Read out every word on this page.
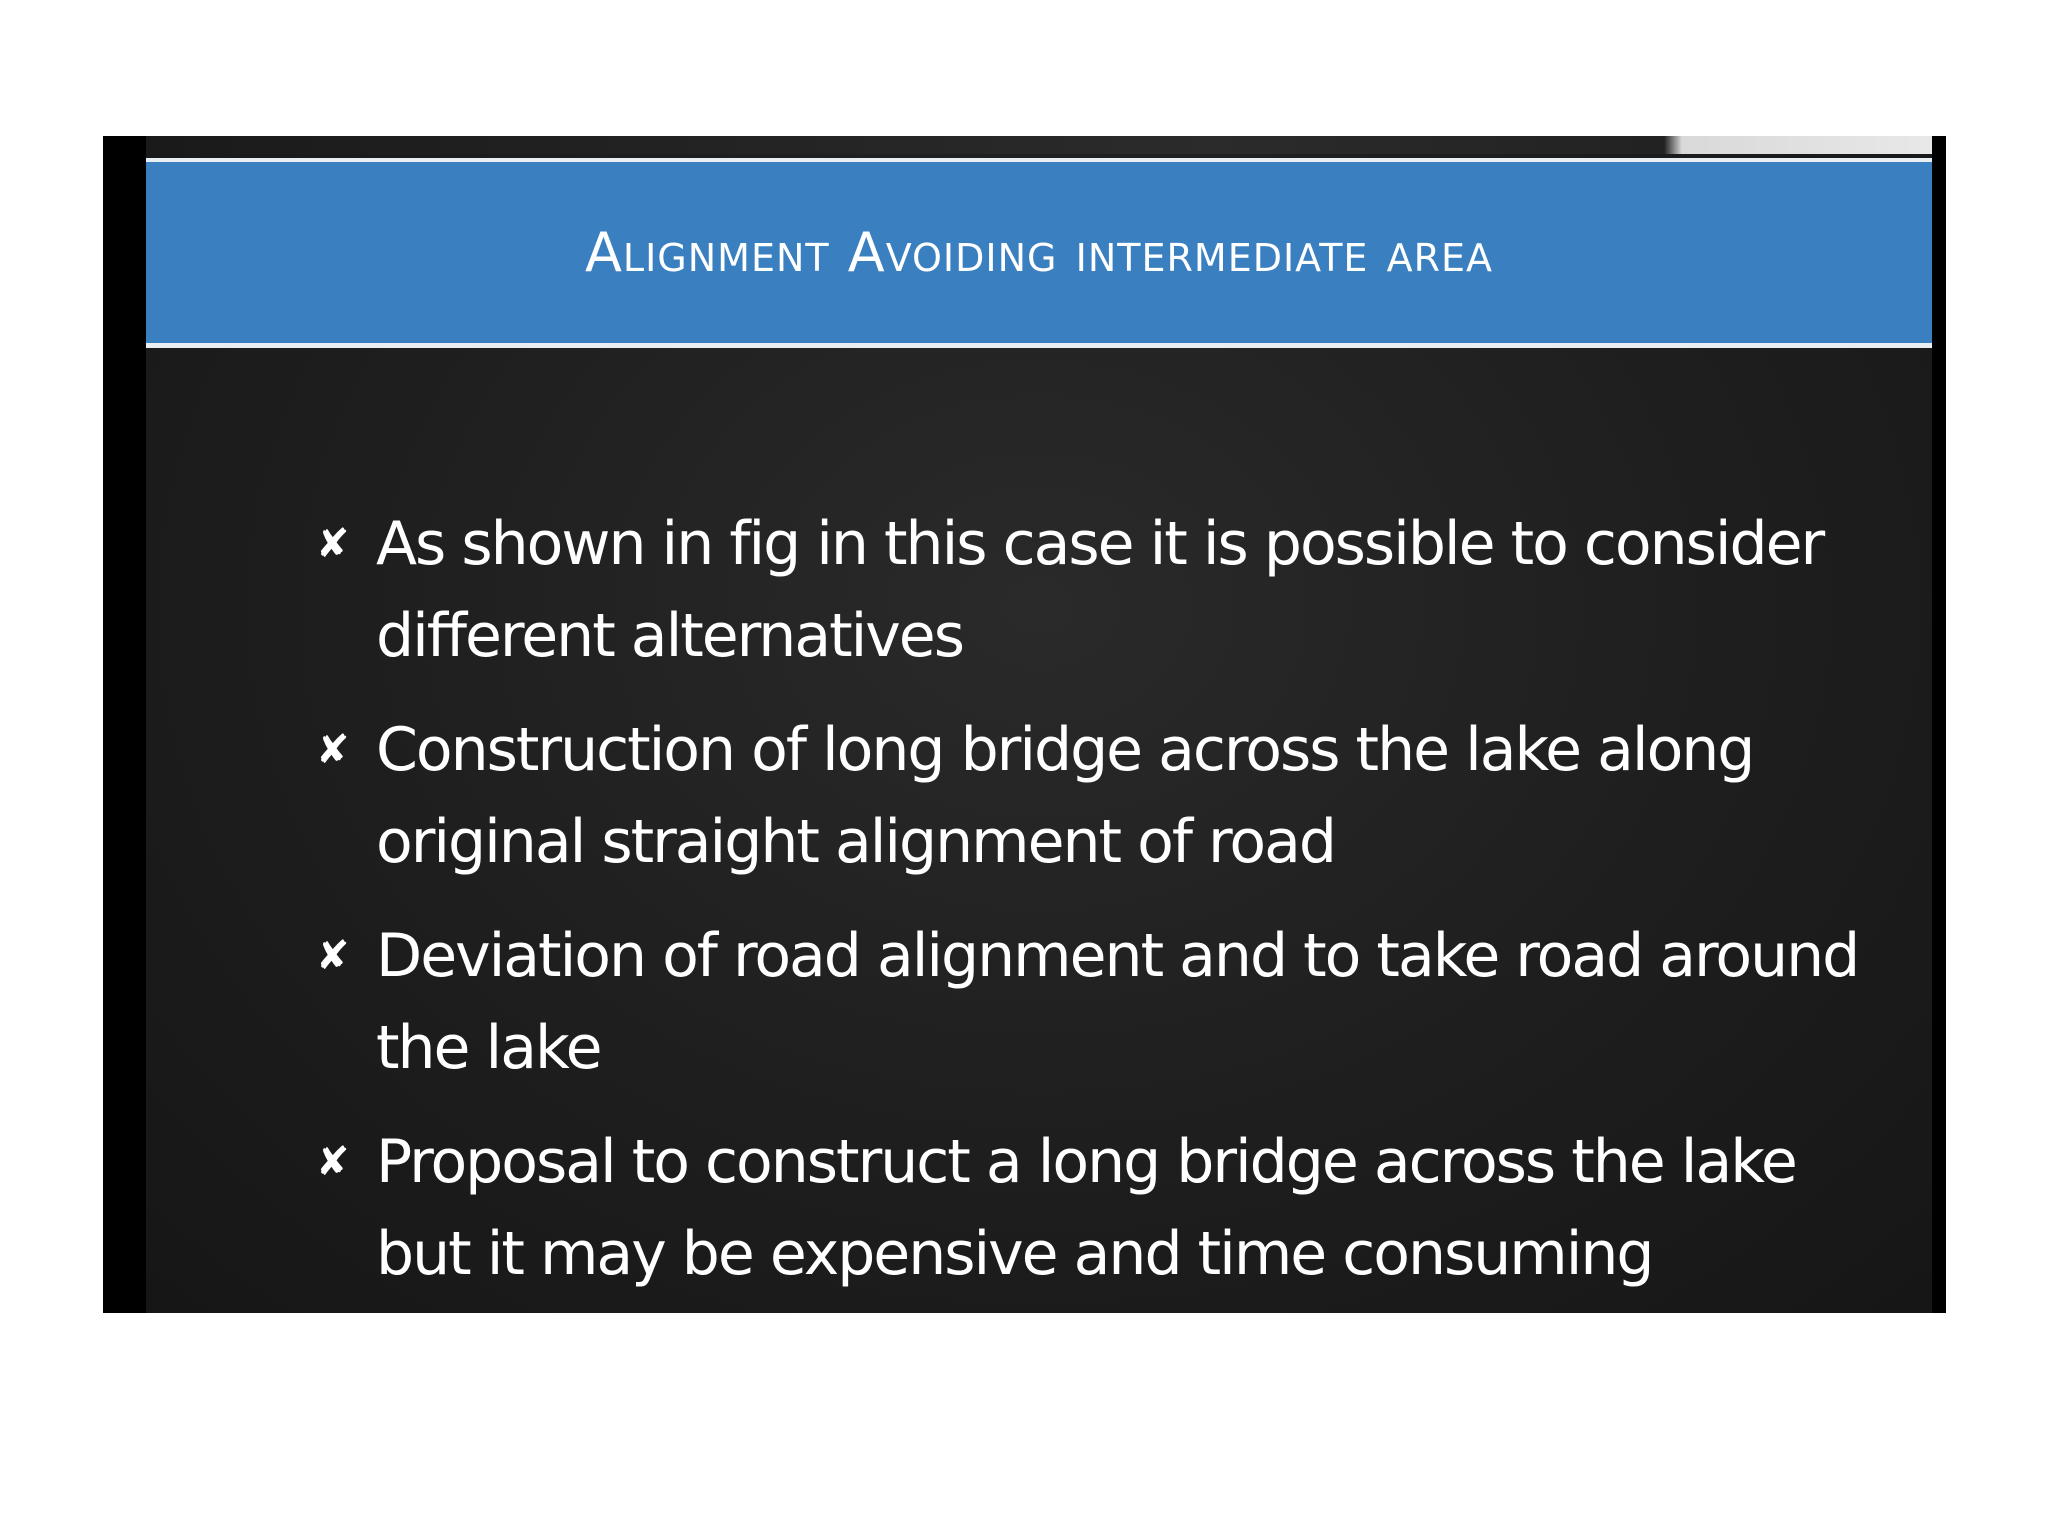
Alignment Avoiding intermediate area
✘ As shown in fig in this case it is possible to consider different alternatives
✘ Construction of long bridge across the lake along original straight alignment of road
✘ Deviation of road alignment and to take road around the lake
✘ Proposal to construct a long bridge across the lake but it may be expensive and time consuming
